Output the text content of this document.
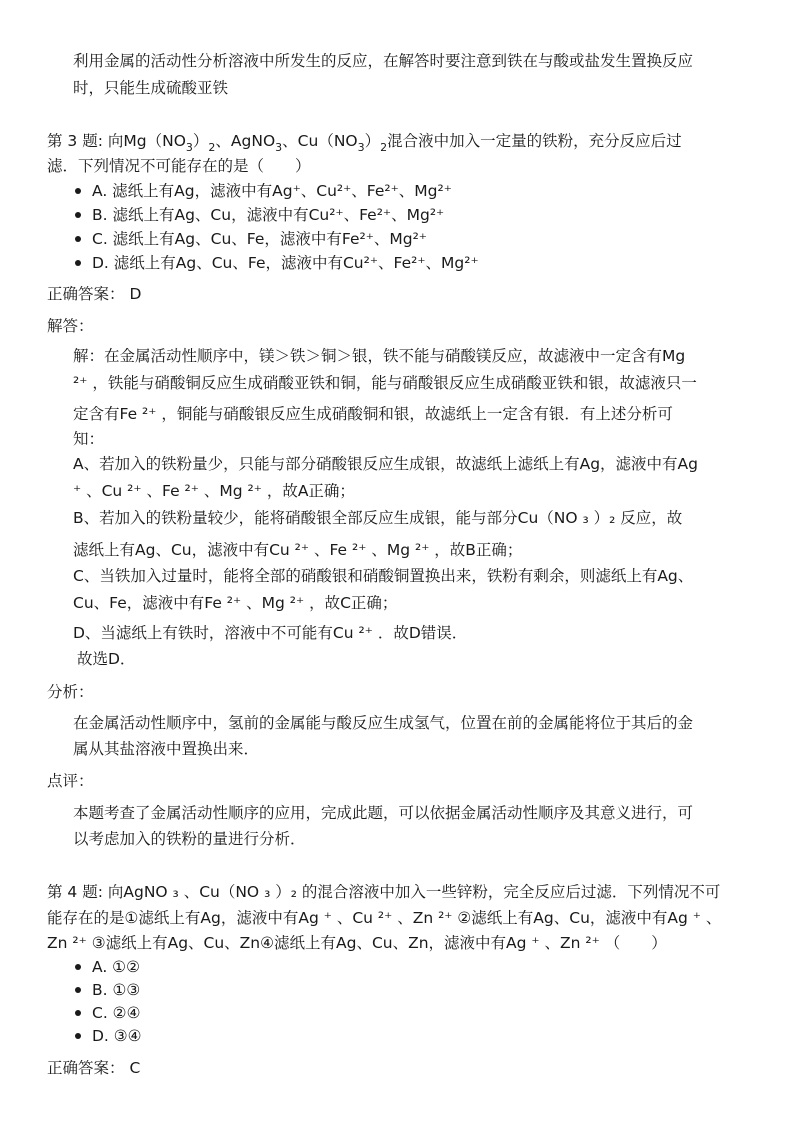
利用金属的活动性分析溶液中所发生的反应，在解答时要注意到铁在与酸或盐发生置换反应
时，只能生成硫酸亚铁
第 3 题: 向$Mg(NO_3)_2$、AgNO$_3$、$Cu(NO_3)_2$混合液中加入一定量的铁粉，充分反应后过
滤．下列情况不可能存在的是（　　）
A. 滤纸上有Ag，滤液中有Ag⁺、Cu²⁺、Fe²⁺、Mg²⁺
B. 滤纸上有Ag、Cu，滤液中有Cu²⁺、Fe²⁺、Mg²⁺
C. 滤纸上有Ag、Cu、Fe，滤液中有Fe²⁺、Mg²⁺
D. 滤纸上有Ag、Cu、Fe，滤液中有Cu²⁺、Fe²⁺、Mg²⁺
正确答案： D
解答：
解：在金属活动性顺序中，镁＞铁＞铜＞银，铁不能与硝酸镁反应，故滤液中一定含有Mg
²⁺ ，铁能与硝酸铜反应生成硝酸亚铁和铜，能与硝酸银反应生成硝酸亚铁和银，故滤液只一
定含有Fe ²⁺ ，铜能与硝酸银反应生成硝酸铜和银，故滤纸上一定含有银．有上述分析可
知：
A、若加入的铁粉量少，只能与部分硝酸银反应生成银，故滤纸上滤纸上有Ag，滤液中有Ag
⁺ 、Cu ²⁺ 、Fe ²⁺ 、Mg ²⁺ ，故A正确；
B、若加入的铁粉量较少，能将硝酸银全部反应生成银，能与部分Cu（NO ₃ ）₂ 反应，故
滤纸上有Ag、Cu，滤液中有Cu ²⁺ 、Fe ²⁺ 、Mg ²⁺ ，故B正确；
C、当铁加入过量时，能将全部的硝酸银和硝酸铜置换出来，铁粉有剩余，则滤纸上有Ag、
Cu、Fe，滤液中有Fe ²⁺ 、Mg ²⁺ ，故C正确；
D、当滤纸上有铁时，溶液中不可能有Cu ²⁺ ．故D错误．
故选D．
分析：
在金属活动性顺序中，氢前的金属能与酸反应生成氢气，位置在前的金属能将位于其后的金
属从其盐溶液中置换出来．
点评：
本题考查了金属活动性顺序的应用，完成此题，可以依据金属活动性顺序及其意义进行，可
以考虑加入的铁粉的量进行分析．
第 4 题: 向AgNO ₃ 、Cu（NO ₃ ）₂ 的混合溶液中加入一些锌粉，完全反应后过滤．下列情况不可
能存在的是①滤纸上有Ag，滤液中有Ag ⁺ 、Cu ²⁺ 、Zn ²⁺ ②滤纸上有Ag、Cu，滤液中有Ag ⁺ 、
Zn ²⁺ ③滤纸上有Ag、Cu、Zn④滤纸上有Ag、Cu、Zn，滤液中有Ag ⁺ 、Zn ²⁺ （　　）
A. ①②
B. ①③
C. ②④
D. ③④
正确答案： C
